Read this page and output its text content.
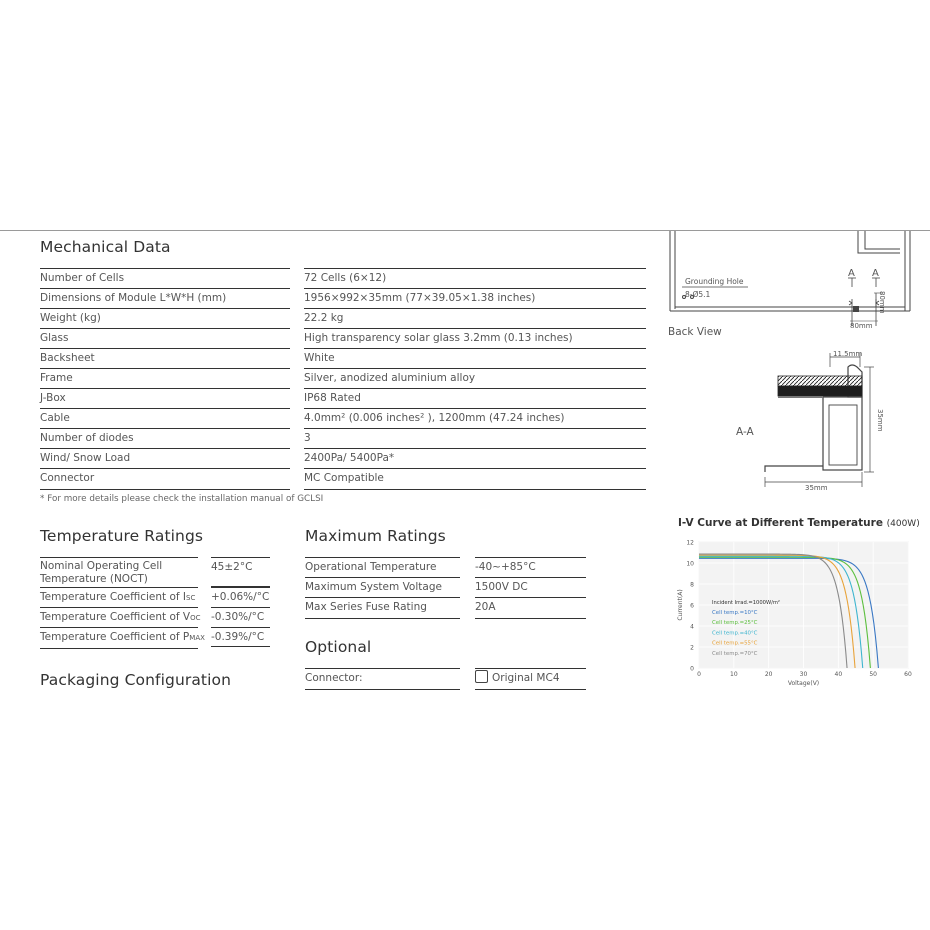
Mechanical Data
Number of Cells	72 Cells (6×12)
Dimensions of Module L*W*H (mm)	1956×992×35mm (77×39.05×1.38 inches)
Weight (kg)	22.2 kg
Glass	High transparency solar glass 3.2mm (0.13 inches)
Backsheet	White
Frame	Silver, anodized aluminium alloy
J-Box	IP68 Rated
Cable	4.0mm² (0.006 inches² ), 1200mm (47.24 inches)
Number of diodes	3
Wind/ Snow Load	2400Pa/ 5400Pa*
Connector	MC Compatible
* For more details please check the installation manual of GCLSI
Temperature Ratings
Nominal Operating Cell
Temperature (NOCT)
45±2°C
Temperature Coefficient of ISC +0.06%/°C
Temperature Coefficient of VOC -0.30%/°C
Temperature Coefficient of PMAX -0.39%/°C
Packaging Configuration
Maximum Ratings
Operational Temperature	-40~+85°C
Maximum System Voltage	1500V DC
Max Series Fuse Rating	20A
Optional
Connector:	Original MC4
Grounding Hole
8-Ø5.1
A A
80mm
80mm
Back View
A-A
11.5mm
35mm
35mm
I-V Curve at Different Temperature (400W)
0
2
4
6
8
10
12
0	10	20	30	40	50	60
Voltage(V)
Current(A)	Incident Irrad.=1000W/m²
Cell temp.=10°C
Cell temp.=25°C
Cell temp.=40°C
Cell temp.=55°C
Cell temp.=70°C
